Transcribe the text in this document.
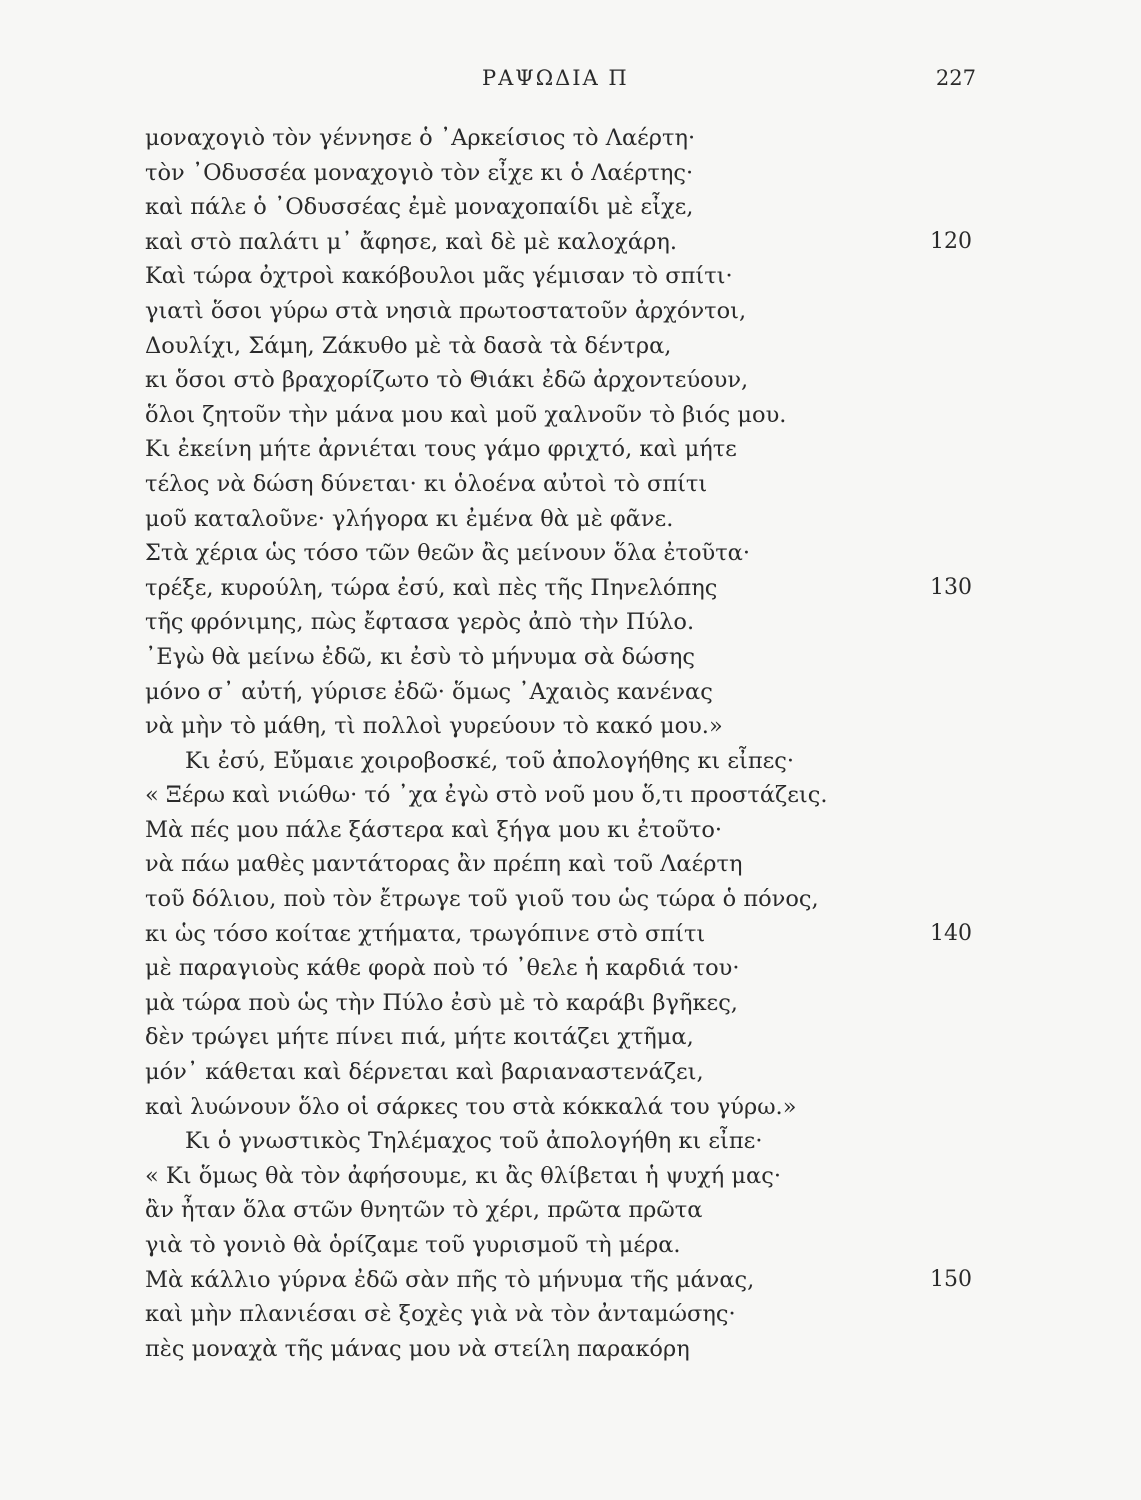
ΡΑΨΩΔΙΑ Π	227
μοναχογιὸ τὸν γέννησε ὁ ᾿Αρκείσιος τὸ Λαέρτη·
τὸν ᾿Οδυσσέα μοναχογιὸ τὸν εἶχε κι ὁ Λαέρτης·
καὶ πάλε ὁ ᾿Οδυσσέας ἐμὲ μοναχοπαίδι μὲ εἶχε,
καὶ στὸ παλάτι μ᾿ ἄφησε, καὶ δὲ μὲ καλοχάρη.	120
Καὶ τώρα ὀχτροὶ κακόβουλοι μᾶς γέμισαν τὸ σπίτι·
γιατὶ ὅσοι γύρω στὰ νησιὰ πρωτοστατοῦν ἀρχόντοι,
Δουλίχι, Σάμη, Ζάκυθο μὲ τὰ δασὰ τὰ δέντρα,
κι ὅσοι στὸ βραχορίζωτο τὸ Θιάκι ἐδῶ ἀρχοντεύουν,
ὅλοι ζητοῦν τὴν μάνα μου καὶ μοῦ χαλνοῦν τὸ βιός μου.
Κι ἐκείνη μήτε ἀρνιέται τους γάμο φριχτό, καὶ μήτε
τέλος νὰ δώση δύνεται· κι ὁλοένα αὐτοὶ τὸ σπίτι
μοῦ καταλοῦνε· γλήγορα κι ἐμένα θὰ μὲ φᾶνε.
Στὰ χέρια ὡς τόσο τῶν θεῶν ἂς μείνουν ὅλα ἐτοῦτα·
τρέξε, κυρούλη, τώρα ἐσύ, καὶ πὲς τῆς Πηνελόπης	130
τῆς φρόνιμης, πὼς ἔφτασα γερὸς ἀπὸ τὴν Πύλο.
᾿Εγὼ θὰ μείνω ἐδῶ, κι ἐσὺ τὸ μήνυμα σὰ δώσης
μόνο σ᾿ αὐτή, γύρισε ἐδῶ· ὅμως ᾿Αχαιὸς κανένας
νὰ μὴν τὸ μάθη, τὶ πολλοὶ γυρεύουν τὸ κακό μου.»
Κι ἐσύ, Εὔμαιε χοιροβοσκέ, τοῦ ἀπολογήθης κι εἶπες·
« Ξέρω καὶ νιώθω· τό ᾿χα ἐγὼ στὸ νοῦ μου ὅ,τι προστάζεις.
Μὰ πές μου πάλε ξάστερα καὶ ξήγα μου κι ἐτοῦτο·
νὰ πάω μαθὲς μαντάτορας ἂν πρέπη καὶ τοῦ Λαέρτη
τοῦ δόλιου, ποὺ τὸν ἔτρωγε τοῦ γιοῦ του ὡς τώρα ὁ πόνος,
κι ὡς τόσο κοίταε χτήματα, τρωγόπινε στὸ σπίτι	140
μὲ παραγιοὺς κάθε φορὰ ποὺ τό ᾿θελε ἡ καρδιά του·
μὰ τώρα ποὺ ὡς τὴν Πύλο ἐσὺ μὲ τὸ καράβι βγῆκες,
δὲν τρώγει μήτε πίνει πιά, μήτε κοιτάζει χτῆμα,
μόν᾿ κάθεται καὶ δέρνεται καὶ βαριαναστενάζει,
καὶ λυώνουν ὅλο οἱ σάρκες του στὰ κόκκαλά του γύρω.»
Κι ὁ γνωστικὸς Τηλέμαχος τοῦ ἀπολογήθη κι εἶπε·
« Κι ὅμως θὰ τὸν ἀφήσουμε, κι ἂς θλίβεται ἡ ψυχή μας·
ἂν ἦταν ὅλα στῶν θνητῶν τὸ χέρι, πρῶτα πρῶτα
γιὰ τὸ γονιὸ θὰ ὁρίζαμε τοῦ γυρισμοῦ τὴ μέρα.
Μὰ κάλλιο γύρνα ἐδῶ σὰν πῆς τὸ μήνυμα τῆς μάνας,	150
καὶ μὴν πλανιέσαι σὲ ξοχὲς γιὰ νὰ τὸν ἀνταμώσης·
πὲς μοναχὰ τῆς μάνας μου νὰ στείλη παρακόρη
